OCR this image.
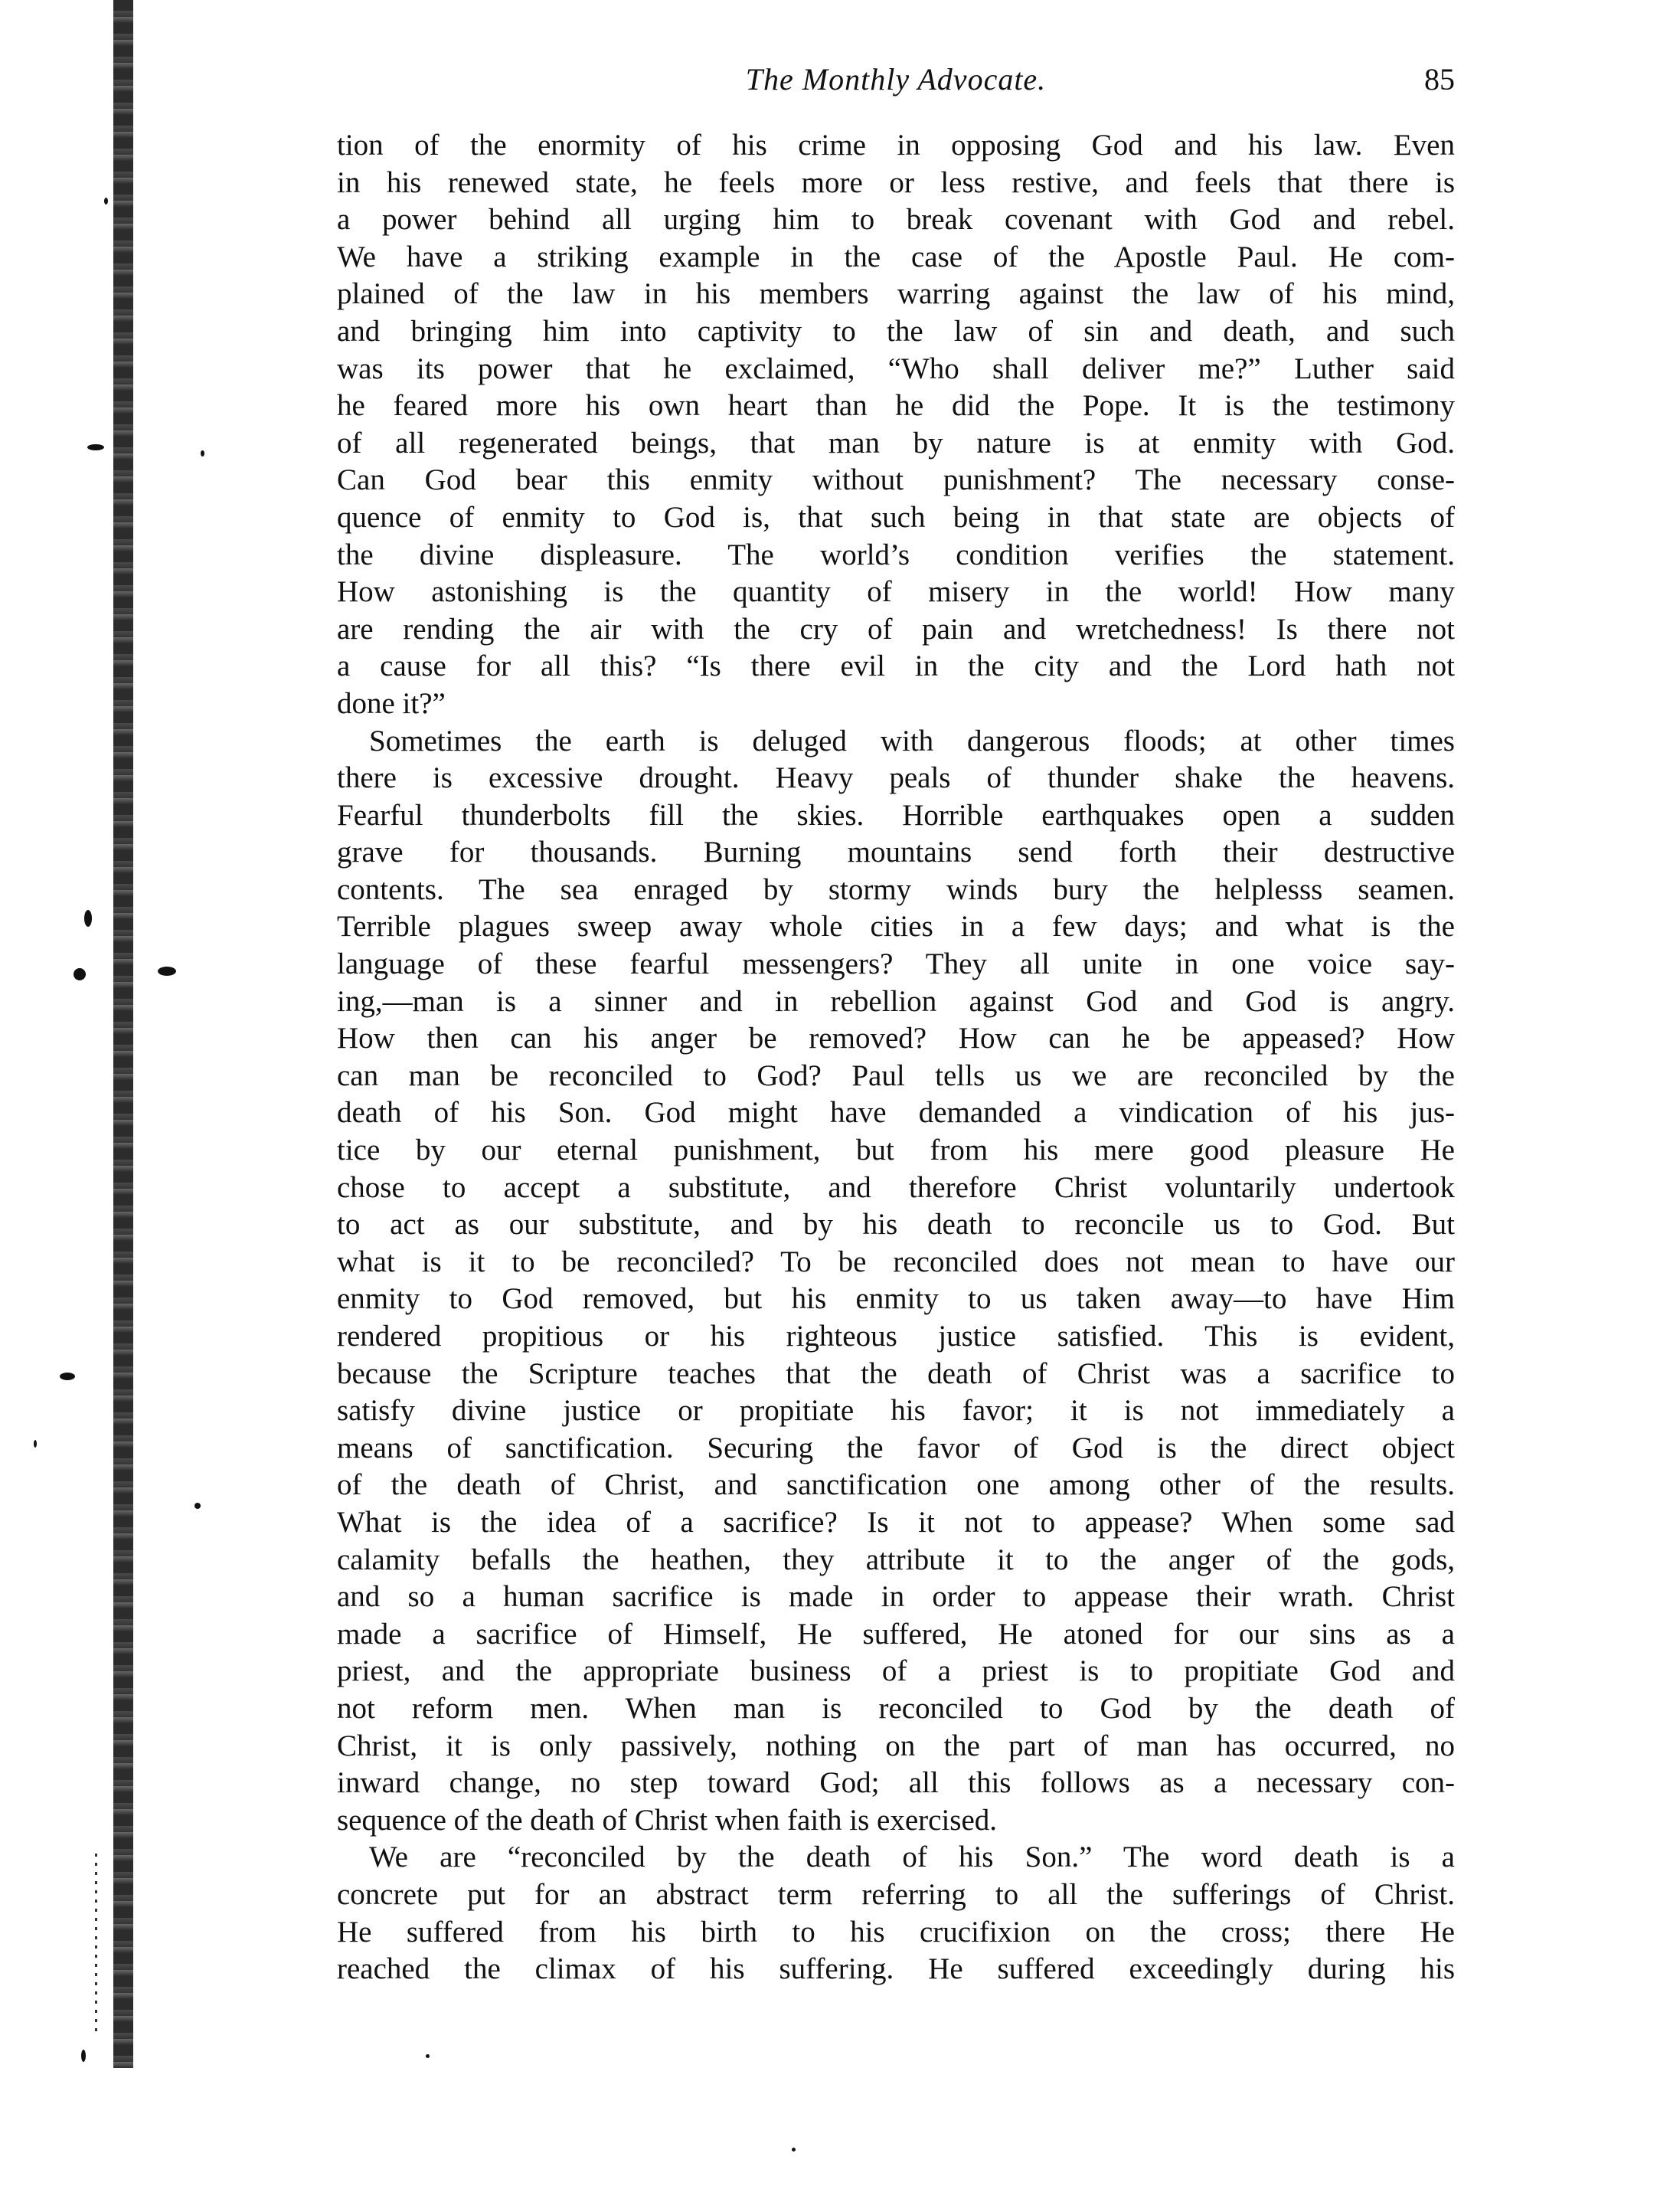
The Monthly Advocate.	85
tion of the enormity of his crime in opposing God and his law. Even
in his renewed state, he feels more or less restive, and feels that there is
a power behind all urging him to break covenant with God and rebel.
We have a striking example in the case of the Apostle Paul. He com-
plained of the law in his members warring against the law of his mind,
and bringing him into captivity to the law of sin and death, and such
was its power that he exclaimed, “Who shall deliver me?” Luther said
he feared more his own heart than he did the Pope. It is the testimony
of all regenerated beings, that man by nature is at enmity with God.
Can God bear this enmity without punishment? The necessary conse-
quence of enmity to God is, that such being in that state are objects of
the divine displeasure. The world’s condition verifies the statement.
How astonishing is the quantity of misery in the world! How many
are rending the air with the cry of pain and wretchedness! Is there not
a cause for all this? “Is there evil in the city and the Lord hath not
done it?”
Sometimes the earth is deluged with dangerous floods; at other times
there is excessive drought. Heavy peals of thunder shake the heavens.
Fearful thunderbolts fill the skies. Horrible earthquakes open a sudden
grave for thousands. Burning mountains send forth their destructive
contents. The sea enraged by stormy winds bury the helplesss seamen.
Terrible plagues sweep away whole cities in a few days; and what is the
language of these fearful messengers? They all unite in one voice say-
ing,—man is a sinner and in rebellion against God and God is angry.
How then can his anger be removed? How can he be appeased? How
can man be reconciled to God? Paul tells us we are reconciled by the
death of his Son. God might have demanded a vindication of his jus-
tice by our eternal punishment, but from his mere good pleasure He
chose to accept a substitute, and therefore Christ voluntarily undertook
to act as our substitute, and by his death to reconcile us to God. But
what is it to be reconciled? To be reconciled does not mean to have our
enmity to God removed, but his enmity to us taken away—to have Him
rendered propitious or his righteous justice satisfied. This is evident,
because the Scripture teaches that the death of Christ was a sacrifice to
satisfy divine justice or propitiate his favor; it is not immediately a
means of sanctification. Securing the favor of God is the direct object
of the death of Christ, and sanctification one among other of the results.
What is the idea of a sacrifice? Is it not to appease? When some sad
calamity befalls the heathen, they attribute it to the anger of the gods,
and so a human sacrifice is made in order to appease their wrath. Christ
made a sacrifice of Himself, He suffered, He atoned for our sins as a
priest, and the appropriate business of a priest is to propitiate God and
not reform men. When man is reconciled to God by the death of
Christ, it is only passively, nothing on the part of man has occurred, no
inward change, no step toward God; all this follows as a necessary con-
sequence of the death of Christ when faith is exercised.
We are “reconciled by the death of his Son.” The word death is a
concrete put for an abstract term referring to all the sufferings of Christ.
He suffered from his birth to his crucifixion on the cross; there He
reached the climax of his suffering. He suffered exceedingly during his
